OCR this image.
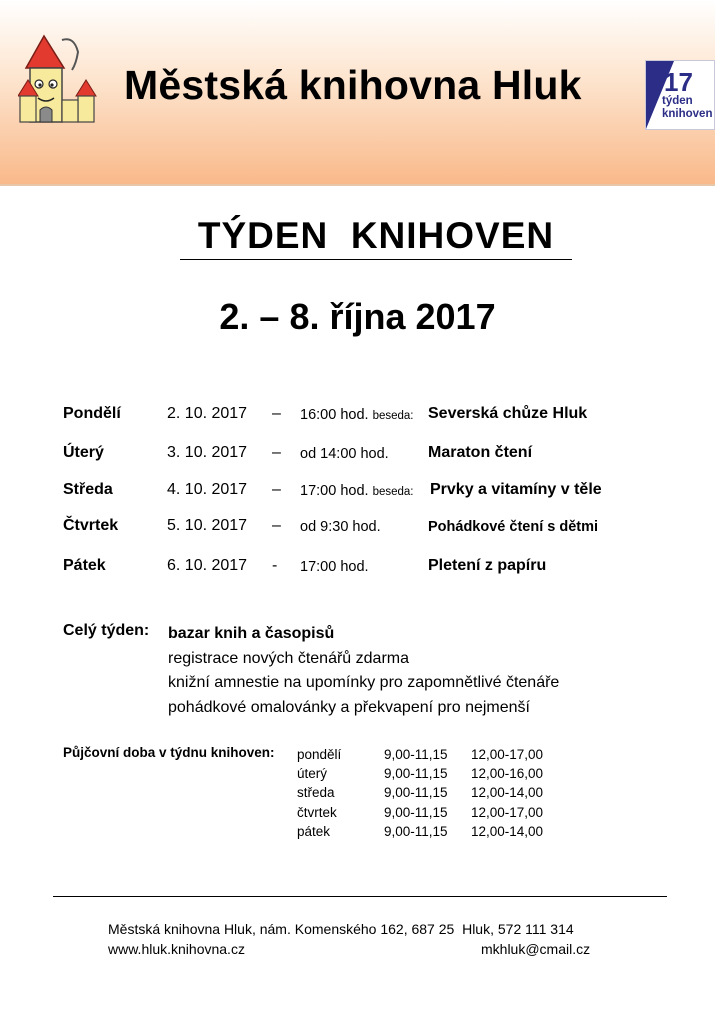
Městská knihovna Hluk	17
týden
knihoven
TÝDEN  KNIHOVEN
2. – 8. října 2017
Pondělí	2. 10. 2017 – 16:00 hod. beseda: Severská chůze Hluk
Úterý	3. 10. 2017 – od 14:00 hod. Maraton čtení
Středa	4. 10. 2017 – 17:00 hod. beseda: Prvky a vitamíny v těle
Čtvrtek	5. 10. 2017 – od 9:30 hod.	Pohádkové čtení s dětmi
Pátek	6. 10. 2017 - 17:00 hod.	Pletení z papíru
Celý týden: bazar knih a časopisů
registrace nových čtenářů zdarma
knižní amnestie na upomínky pro zapomnětlivé čtenáře
pohádkové omalovánky a překvapení pro nejmenší
Půjčovní doba v týdnu knihoven: pondělí	9,00-11,15 12,00-17,00
úterý	9,00-11,15 12,00-16,00
středa	9,00-11,15 12,00-14,00
čtvrtek	9,00-11,15 12,00-17,00
pátek	9,00-11,15 12,00-14,00
Městská knihovna Hluk, nám. Komenského 162, 687 25  Hluk, 572 111 314
www.hluk.knihovna.cz	mkhluk@cmail.cz
